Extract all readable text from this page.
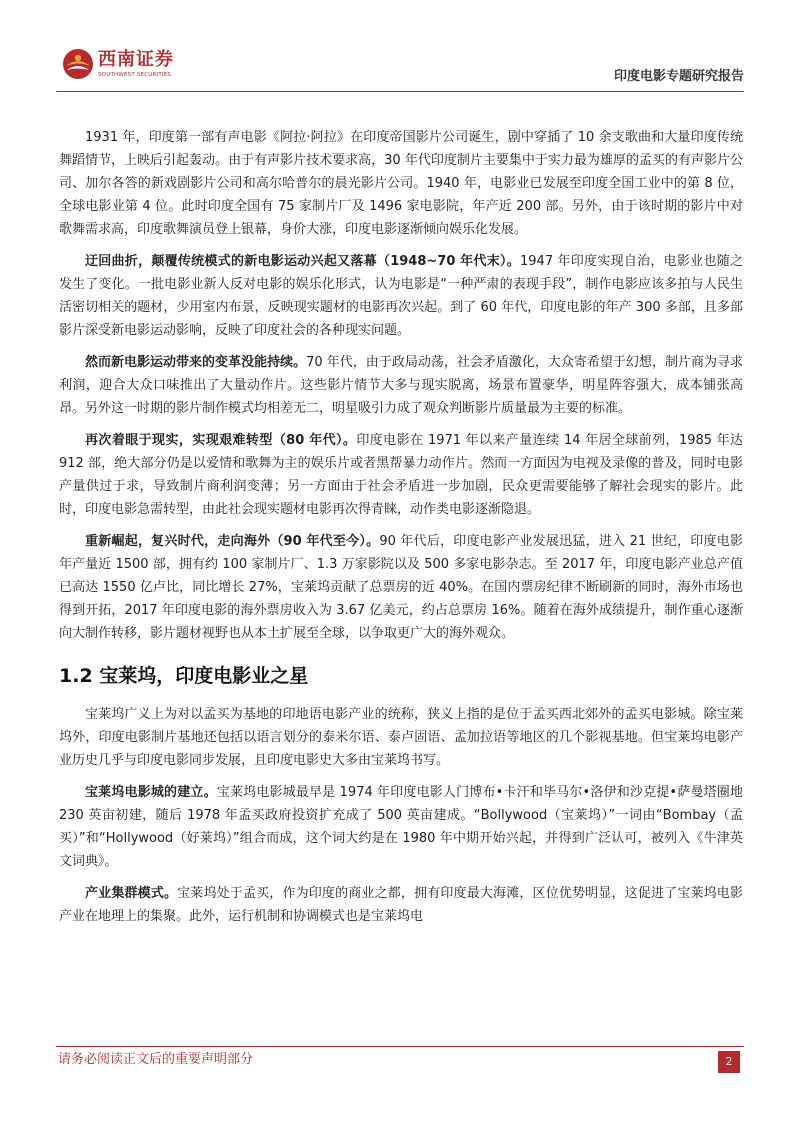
西南证券
SOUTHWEST SECURITIES	印度电影专题研究报告

1931 年，印度第一部有声电影《阿拉·阿拉》在印度帝国影片公司诞生，剧中穿插了 10 余支歌曲和大量印度传统舞蹈情节，上映后引起轰动。由于有声影片技术要求高，30 年代印度制片主要集中于实力最为雄厚的孟买的有声影片公司、加尔各答的新戏剧影片公司和高尔哈普尔的晨光影片公司。1940 年，电影业已发展至印度全国工业中的第 8 位，全球电影业第 4 位。此时印度全国有 75 家制片厂及 1496 家电影院，年产近 200 部。另外，由于该时期的影片中对歌舞需求高，印度歌舞演员登上银幕，身价大涨，印度电影逐渐倾向娱乐化发展。

迂回曲折，颠覆传统模式的新电影运动兴起又落幕（1948~70 年代末）。1947 年印度实现自治，电影业也随之发生了变化。一批电影业新人反对电影的娱乐化形式，认为电影是“一种严肃的表现手段”，制作电影应该多拍与人民生活密切相关的题材，少用室内布景，反映现实题材的电影再次兴起。到了 60 年代，印度电影的年产 300 多部，且多部影片深受新电影运动影响，反映了印度社会的各种现实问题。

然而新电影运动带来的变革没能持续。70 年代，由于政局动荡，社会矛盾激化，大众寄希望于幻想，制片商为寻求利润，迎合大众口味推出了大量动作片。这些影片情节大多与现实脱离，场景布置豪华，明星阵容强大，成本铺张高昂。另外这一时期的影片制作模式均相差无二，明星吸引力成了观众判断影片质量最为主要的标准。

再次着眼于现实，实现艰难转型（80 年代）。印度电影在 1971 年以来产量连续 14 年居全球前列，1985 年达 912 部，绝大部分仍是以爱情和歌舞为主的娱乐片或者黑帮暴力动作片。然而一方面因为电视及录像的普及，同时电影产量供过于求，导致制片商利润变薄；另一方面由于社会矛盾进一步加剧，民众更需要能够了解社会现实的影片。此时，印度电影急需转型，由此社会现实题材电影再次得青睐，动作类电影逐渐隐退。

重新崛起，复兴时代，走向海外（90 年代至今）。90 年代后，印度电影产业发展迅猛，进入 21 世纪，印度电影年产量近 1500 部，拥有约 100 家制片厂、1.3 万家影院以及 500 多家电影杂志。至 2017 年，印度电影产业总产值已高达 1550 亿卢比，同比增长 27%，宝莱坞贡献了总票房的近 40%。在国内票房纪律不断刷新的同时，海外市场也得到开拓，2017 年印度电影的海外票房收入为 3.67 亿美元，约占总票房 16%。随着在海外成绩提升，制作重心逐渐向大制作转移，影片题材视野也从本土扩展至全球，以争取更广大的海外观众。

1.2 宝莱坞，印度电影业之星

宝莱坞广义上为对以孟买为基地的印地语电影产业的统称，狭义上指的是位于孟买西北郊外的孟买电影城。除宝莱坞外，印度电影制片基地还包括以语言划分的泰米尔语、泰卢固语、孟加拉语等地区的几个影视基地。但宝莱坞电影产业历史几乎与印度电影同步发展，且印度电影史大多由宝莱坞书写。

宝莱坞电影城的建立。宝莱坞电影城最早是 1974 年印度电影人门博布•卡汗和毕马尔•洛伊和沙克提•萨曼塔圈地 230 英亩初建，随后 1978 年孟买政府投资扩充成了 500 英亩建成。“Bollywood（宝莱坞）”一词由“Bombay（孟买）”和“Hollywood（好莱坞）”组合而成，这个词大约是在 1980 年中期开始兴起，并得到广泛认可，被列入《牛津英文词典》。

产业集群模式。宝莱坞处于孟买，作为印度的商业之都，拥有印度最大海滩，区位优势明显，这促进了宝莱坞电影产业在地理上的集聚。此外，运行机制和协调模式也是宝莱坞电

请务必阅读正文后的重要声明部分	2
